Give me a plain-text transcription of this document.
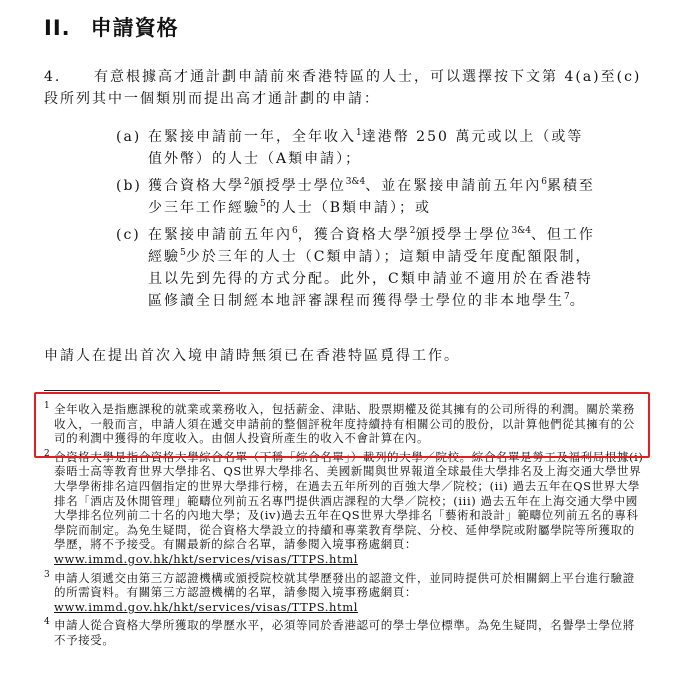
II. 申請資格
4. 有意根據高才通計劃申請前來香港特區的人士，可以選擇按下文第 4(a)至(c)段所列其中一個類別而提出高才通計劃的申請：
(a) 在緊接申請前一年，全年收入$^1$達港幣 250 萬元或以上（或等值外幣）的人士（A類申請）；
(b) 獲合資格大學$^2$頒授學士學位$^{3\&4}$、並在緊接申請前五年內$^6$累積至少三年工作經驗$^5$的人士（B類申請）；或
(c) 在緊接申請前五年內$^6$，獲合資格大學$^2$頒授學士學位$^{3\&4}$、但工作經驗$^5$少於三年的人士（C類申請）；這類申請受年度配額限制，且以先到先得的方式分配。此外，C類申請並不適用於在香港特區修讀全日制經本地評審課程而獲得學士學位的非本地學生$^7$。
申請人在提出首次入境申請時無須已在香港特區覓得工作。
1 全年收入是指應課稅的就業或業務收入，包括薪金、津貼、股票期權及從其擁有的公司所得的利潤。關於業務收入，一般而言，申請人須在遞交申請前的整個評稅年度持續持有相關公司的股份，以計算他們從其擁有的公司的利潤中獲得的年度收入。由個人投資所產生的收入不會計算在內。
2 合資格大學是指合資格大學綜合名單（下稱「綜合名單」）載列的大學／院校。綜合名單是勞工及福利局根據(i) 泰晤士高等教育世界大學排名、QS世界大學排名、美國新聞與世界報道全球最佳大學排名及上海交通大學世界大學學術排名這四個指定的世界大學排行榜，在過去五年所列的百強大學／院校；(ii) 過去五年在QS世界大學排名「酒店及休閒管理」範疇位列前五名專門提供酒店課程的大學／院校；(iii) 過去五年在上海交通大學中國大學排名位列前二十名的內地大學；及(iv)過去五年在QS世界大學排名「藝術和設計」範疇位列前五名的專科學院而制定。為免生疑問，從合資格大學設立的持續和專業教育學院、分校、延伸學院或附屬學院等所獲取的學歷，將不予接受。有關最新的綜合名單，請參閱入境事務處網頁：
www.immd.gov.hk/hkt/services/visas/TTPS.html
3 申請人須遞交由第三方認證機構或頒授院校就其學歷發出的認證文件，並同時提供可於相關網上平台進行驗證的所需資料。有關第三方認證機構的名單，請參閱入境事務處網頁：
www.immd.gov.hk/hkt/services/visas/TTPS.html
4 申請人從合資格大學所獲取的學歷水平，必須等同於香港認可的學士學位標準。為免生疑問，名譽學士學位將不予接受。
